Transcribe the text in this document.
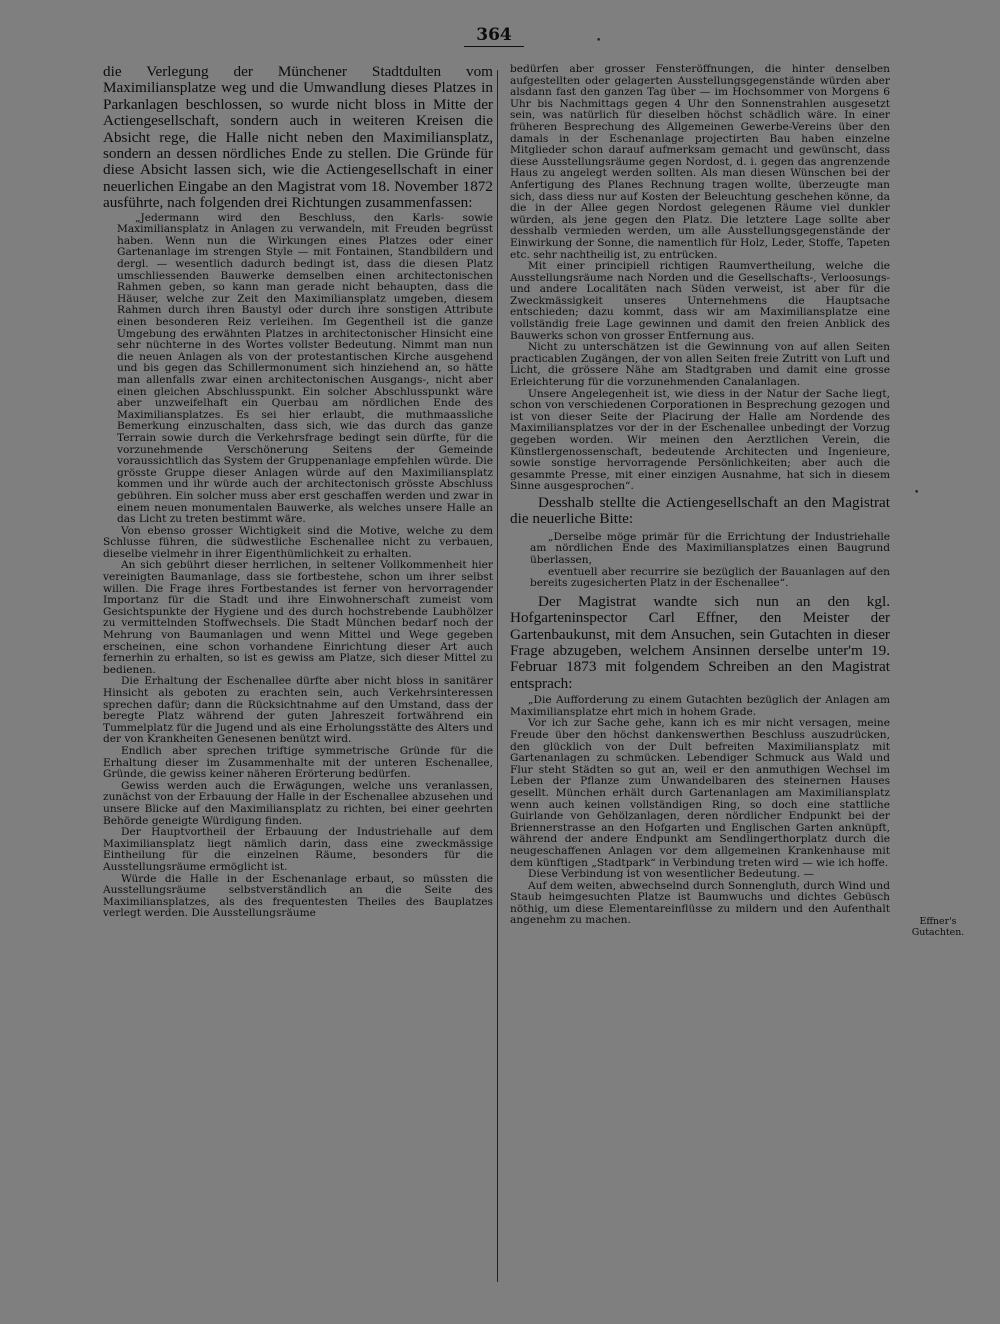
364	•
•

die Verlegung der Münchener Stadtdulten vom Maximiliansplatze weg und die Umwandlung dieses Platzes in Parkanlagen beschlossen, so wurde nicht bloss in Mitte der Actiengesellschaft, sondern auch in weiteren Kreisen die Absicht rege, die Halle nicht neben den Maximiliansplatz, sondern an dessen nördliches Ende zu stellen. Die Gründe für diese Absicht lassen sich, wie die Actiengesellschaft in einer neuerlichen Eingabe an den Magistrat vom 18. November 1872 ausführte, nach folgenden drei Richtungen zusammenfassen:

„Jedermann wird den Beschluss, den Karls- sowie Maximiliansplatz in Anlagen zu verwandeln, mit Freuden begrüsst haben. Wenn nun die Wirkungen eines Platzes oder einer Gartenanlage im strengen Style — mit Fontainen, Standbildern und dergl. — wesentlich dadurch bedingt ist, dass die diesen Platz umschliessenden Bauwerke demselben einen architectonischen Rahmen geben, so kann man gerade nicht behaupten, dass die Häuser, welche zur Zeit den Maximiliansplatz umgeben, diesem Rahmen durch ihren Baustyl oder durch ihre sonstigen Attribute einen besonderen Reiz verleihen. Im Gegentheil ist die ganze Umgebung des erwähnten Platzes in architectonischer Hinsicht eine sehr nüchterne in des Wortes vollster Bedeutung. Nimmt man nun die neuen Anlagen als von der protestantischen Kirche ausgehend und bis gegen das Schillermonument sich hinziehend an, so hätte man allenfalls zwar einen architectonischen Ausgangs-, nicht aber einen gleichen Abschlusspunkt. Ein solcher Abschlusspunkt wäre aber unzweifelhaft ein Querbau am nördlichen Ende des Maximiliansplatzes. Es sei hier erlaubt, die muthmaassliche Bemerkung einzuschalten, dass sich, wie das durch das ganze Terrain sowie durch die Verkehrsfrage bedingt sein dürfte, für die vorzunehmende Verschönerung Seitens der Gemeinde voraussichtlich das System der Gruppenanlage empfehlen würde. Die grösste Gruppe dieser Anlagen würde auf den Maximiliansplatz kommen und ihr würde auch der architectonisch grösste Abschluss gebühren. Ein solcher muss aber erst geschaffen werden und zwar in einem neuen monumentalen Bauwerke, als welches unsere Halle an das Licht zu treten bestimmt wäre.

Von ebenso grosser Wichtigkeit sind die Motive, welche zu dem Schlusse führen, die südwestliche Eschenallee nicht zu verbauen, dieselbe vielmehr in ihrer Eigenthümlichkeit zu erhalten.

An sich gebührt dieser herrlichen, in seltener Vollkommenheit hier vereinigten Baumanlage, dass sie fortbestehe, schon um ihrer selbst willen. Die Frage ihres Fortbestandes ist ferner von hervorragender Importanz für die Stadt und ihre Einwohnerschaft zumeist vom Gesichtspunkte der Hygiene und des durch hochstrebende Laubhölzer zu vermittelnden Stoffwechsels. Die Stadt München bedarf noch der Mehrung von Baumanlagen und wenn Mittel und Wege gegeben erscheinen, eine schon vorhandene Einrichtung dieser Art auch fernerhin zu erhalten, so ist es gewiss am Platze, sich dieser Mittel zu bedienen.

Die Erhaltung der Eschenallee dürfte aber nicht bloss in sanitärer Hinsicht als geboten zu erachten sein, auch Verkehrsinteressen sprechen dafür; dann die Rücksichtnahme auf den Umstand, dass der beregte Platz während der guten Jahreszeit fortwährend ein Tummelplatz für die Jugend und als eine Erholungsstätte des Alters und der von Krankheiten Genesenen benützt wird.

Endlich aber sprechen triftige symmetrische Gründe für die Erhaltung dieser im Zusammenhalte mit der unteren Eschenallee, Gründe, die gewiss keiner näheren Erörterung bedürfen.

Gewiss werden auch die Erwägungen, welche uns veranlassen, zunächst von der Erbauung der Halle in der Eschenallee abzusehen und unsere Blicke auf den Maximiliansplatz zu richten, bei einer geehrten Behörde geneigte Würdigung finden.

Der Hauptvortheil der Erbauung der Industriehalle auf dem Maximiliansplatz liegt nämlich darin, dass eine zweckmässige Eintheilung für die einzelnen Räume, besonders für die Ausstellungsräume ermöglicht ist.

Würde die Halle in der Eschenanlage erbaut, so müssten die Ausstellungsräume selbstverständlich an die Seite des Maximiliansplatzes, als des frequentesten Theiles des Bauplatzes verlegt werden. Die Ausstellungsräume

bedürfen aber grosser Fensteröffnungen, die hinter denselben aufgestellten oder gelagerten Ausstellungsgegenstände würden aber alsdann fast den ganzen Tag über — im Hochsommer von Morgens 6 Uhr bis Nachmittags gegen 4 Uhr den Sonnenstrahlen ausgesetzt sein, was natürlich für dieselben höchst schädlich wäre. In einer früheren Besprechung des Allgemeinen Gewerbe-Vereins über den damals in der Eschenanlage projectirten Bau haben einzelne Mitglieder schon darauf aufmerksam gemacht und gewünscht, dass diese Ausstellungsräume gegen Nordost, d. i. gegen das angrenzende Haus zu angelegt werden sollten. Als man diesen Wünschen bei der Anfertigung des Planes Rechnung tragen wollte, überzeugte man sich, dass diess nur auf Kosten der Beleuchtung geschehen könne, da die in der Allee gegen Nordost gelegenen Räume viel dunkler würden, als jene gegen den Platz. Die letztere Lage sollte aber desshalb vermieden werden, um alle Ausstellungsgegenstände der Einwirkung der Sonne, die namentlich für Holz, Leder, Stoffe, Tapeten etc. sehr nachtheilig ist, zu entrücken.

Mit einer principiell richtigen Raumvertheilung, welche die Ausstellungsräume nach Norden und die Gesellschafts-, Verloosungs- und andere Localitäten nach Süden verweist, ist aber für die Zweckmässigkeit unseres Unternehmens die Hauptsache entschieden; dazu kommt, dass wir am Maximiliansplatze eine vollständig freie Lage gewinnen und damit den freien Anblick des Bauwerks schon von grosser Entfernung aus.

Nicht zu unterschätzen ist die Gewinnung von auf allen Seiten practicablen Zugängen, der von allen Seiten freie Zutritt von Luft und Licht, die grössere Nähe am Stadtgraben und damit eine grosse Erleichterung für die vorzunehmenden Canalanlagen.

Unsere Angelegenheit ist, wie diess in der Natur der Sache liegt, schon von verschiedenen Corporationen in Besprechung gezogen und ist von dieser Seite der Placirung der Halle am Nordende des Maximiliansplatzes vor der in der Eschenallee unbedingt der Vorzug gegeben worden. Wir meinen den Aerztlichen Verein, die Künstlergenossenschaft, bedeutende Architecten und Ingenieure, sowie sonstige hervorragende Persönlichkeiten; aber auch die gesammte Presse, mit einer einzigen Ausnahme, hat sich in diesem Sinne ausgesprochen“.

Desshalb stellte die Actiengesellschaft an den Magistrat die neuerliche Bitte:

„Derselbe möge primär für die Errichtung der Industriehalle am nördlichen Ende des Maximiliansplatzes einen Baugrund überlassen,

eventuell aber recurrire sie bezüglich der Bauanlagen auf den bereits zugesicherten Platz in der Eschenallee“.

Der Magistrat wandte sich nun an den kgl. Hofgarteninspector Carl Effner, den Meister der Gartenbaukunst, mit dem Ansuchen, sein Gutachten in dieser Frage abzugeben, welchem Ansinnen derselbe unter'm 19. Februar 1873 mit folgendem Schreiben an den Magistrat entsprach:

„Die Aufforderung zu einem Gutachten bezüglich der Anlagen am Maximiliansplatze ehrt mich in hohem Grade.

Vor ich zur Sache gehe, kann ich es mir nicht versagen, meine Freude über den höchst dankenswerthen Beschluss auszudrücken, den glücklich von der Dult befreiten Maximiliansplatz mit Gartenanlagen zu schmücken. Lebendiger Schmuck aus Wald und Flur steht Städten so gut an, weil er den anmuthigen Wechsel im Leben der Pflanze zum Unwandelbaren des steinernen Hauses gesellt. München erhält durch Gartenanlagen am Maximiliansplatz wenn auch keinen vollständigen Ring, so doch eine stattliche Guirlande von Gehölzanlagen, deren nördlicher Endpunkt bei der Briennerstrasse an den Hofgarten und Englischen Garten anknüpft, während der andere Endpunkt am Sendlingerthorplatz durch die neugeschaffenen Anlagen vor dem allgemeinen Krankenhause mit dem künftigen „Stadtpark“ in Verbindung treten wird — wie ich hoffe.

Diese Verbindung ist von wesentlicher Bedeutung. —

Auf dem weiten, abwechselnd durch Sonnengluth, durch Wind und Staub heimgesuchten Platze ist Baumwuchs und dichtes Gebüsch nöthig, um diese Elementareinflüsse zu mildern und den Aufenthalt angenehm zu machen.	Effner's Gutachten.
